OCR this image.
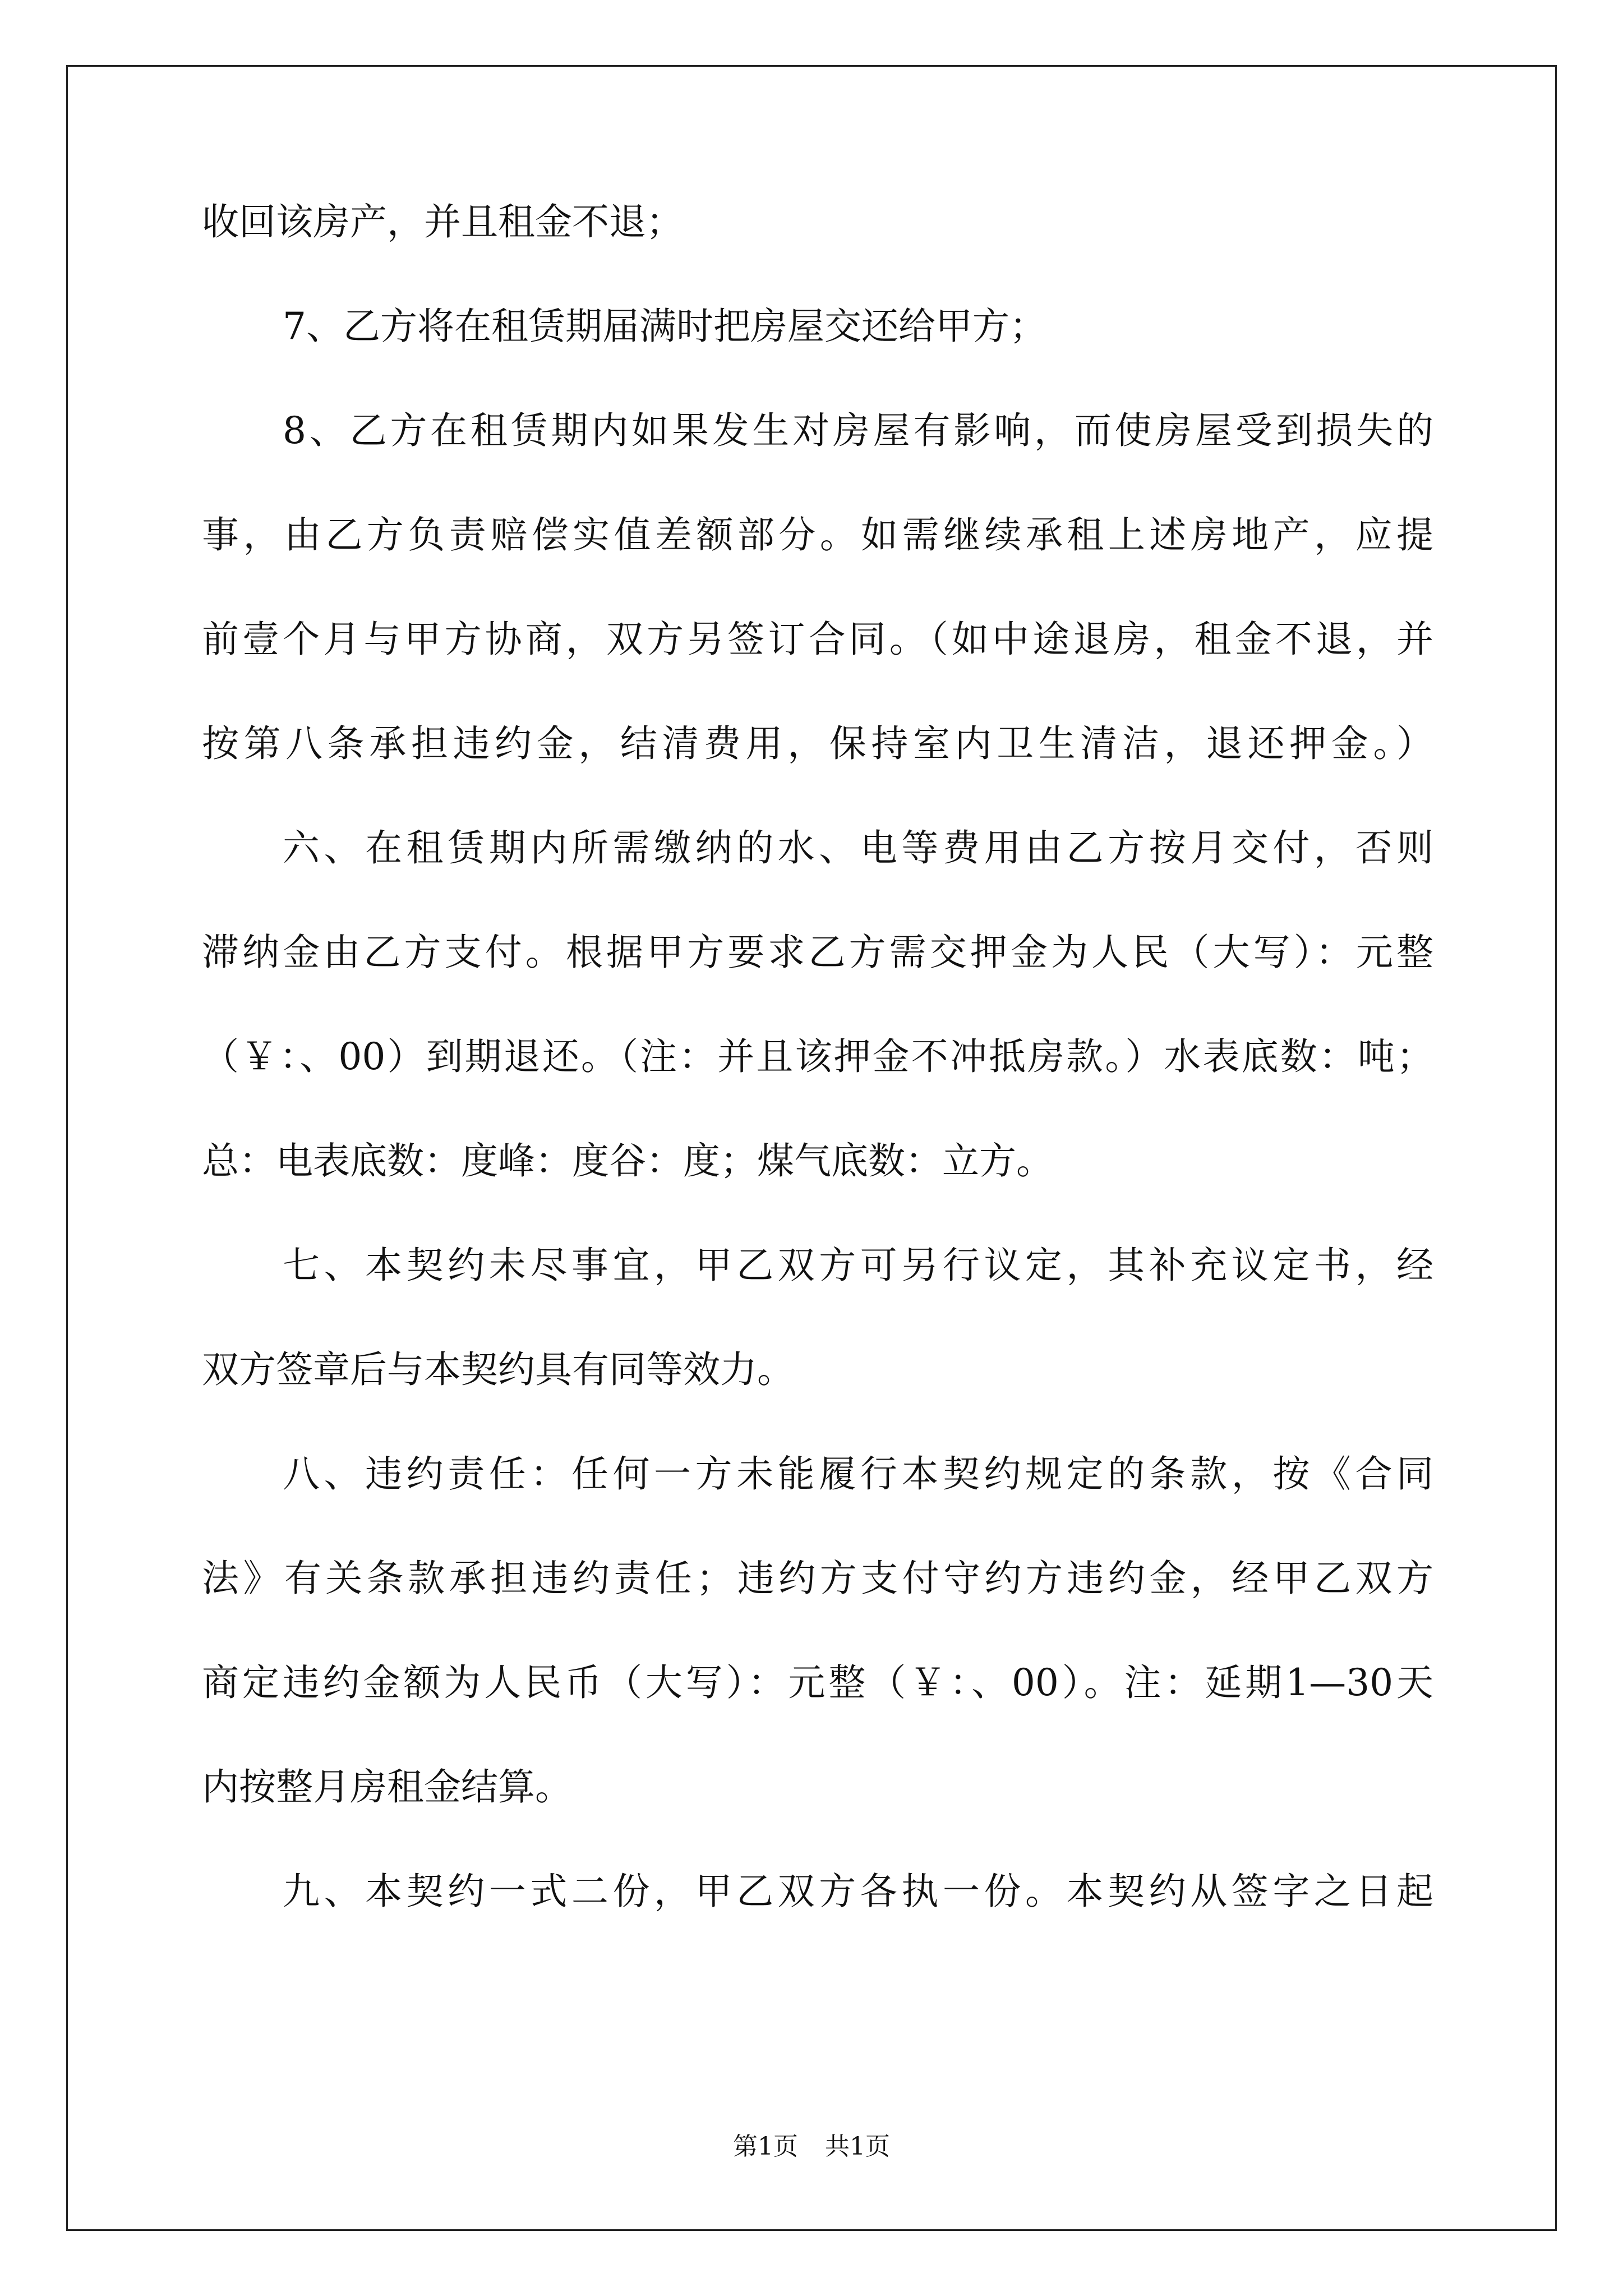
收回该房产，并且租金不退；
7、乙方将在租赁期届满时把房屋交还给甲方；
8、乙方在租赁期内如果发生对房屋有影响，而使房屋受到损失的
事，由乙方负责赔偿实值差额部分。如需继续承租上述房地产，应提
前壹个月与甲方协商，双方另签订合同。（如中途退房，租金不退，并
按第八条承担违约金，结清费用，保持室内卫生清洁，退还押金。）
六、在租赁期内所需缴纳的水、电等费用由乙方按月交付，否则
滞纳金由乙方支付。根据甲方要求乙方需交押金为人民（大写）：元整
（￥：、00）到期退还。（注：并且该押金不冲抵房款。）水表底数：吨；
总：电表底数：度峰：度谷：度；煤气底数：立方。
七、本契约未尽事宜，甲乙双方可另行议定，其补充议定书，经
双方签章后与本契约具有同等效力。
八、违约责任：任何一方未能履行本契约规定的条款，按《合同
法》有关条款承担违约责任；违约方支付守约方违约金，经甲乙双方
商定违约金额为人民币（大写）：元整（￥：、00）。注：延期1—30天
内按整月房租金结算。
九、本契约一式二份，甲乙双方各执一份。本契约从签字之日起
第1页 共1页
